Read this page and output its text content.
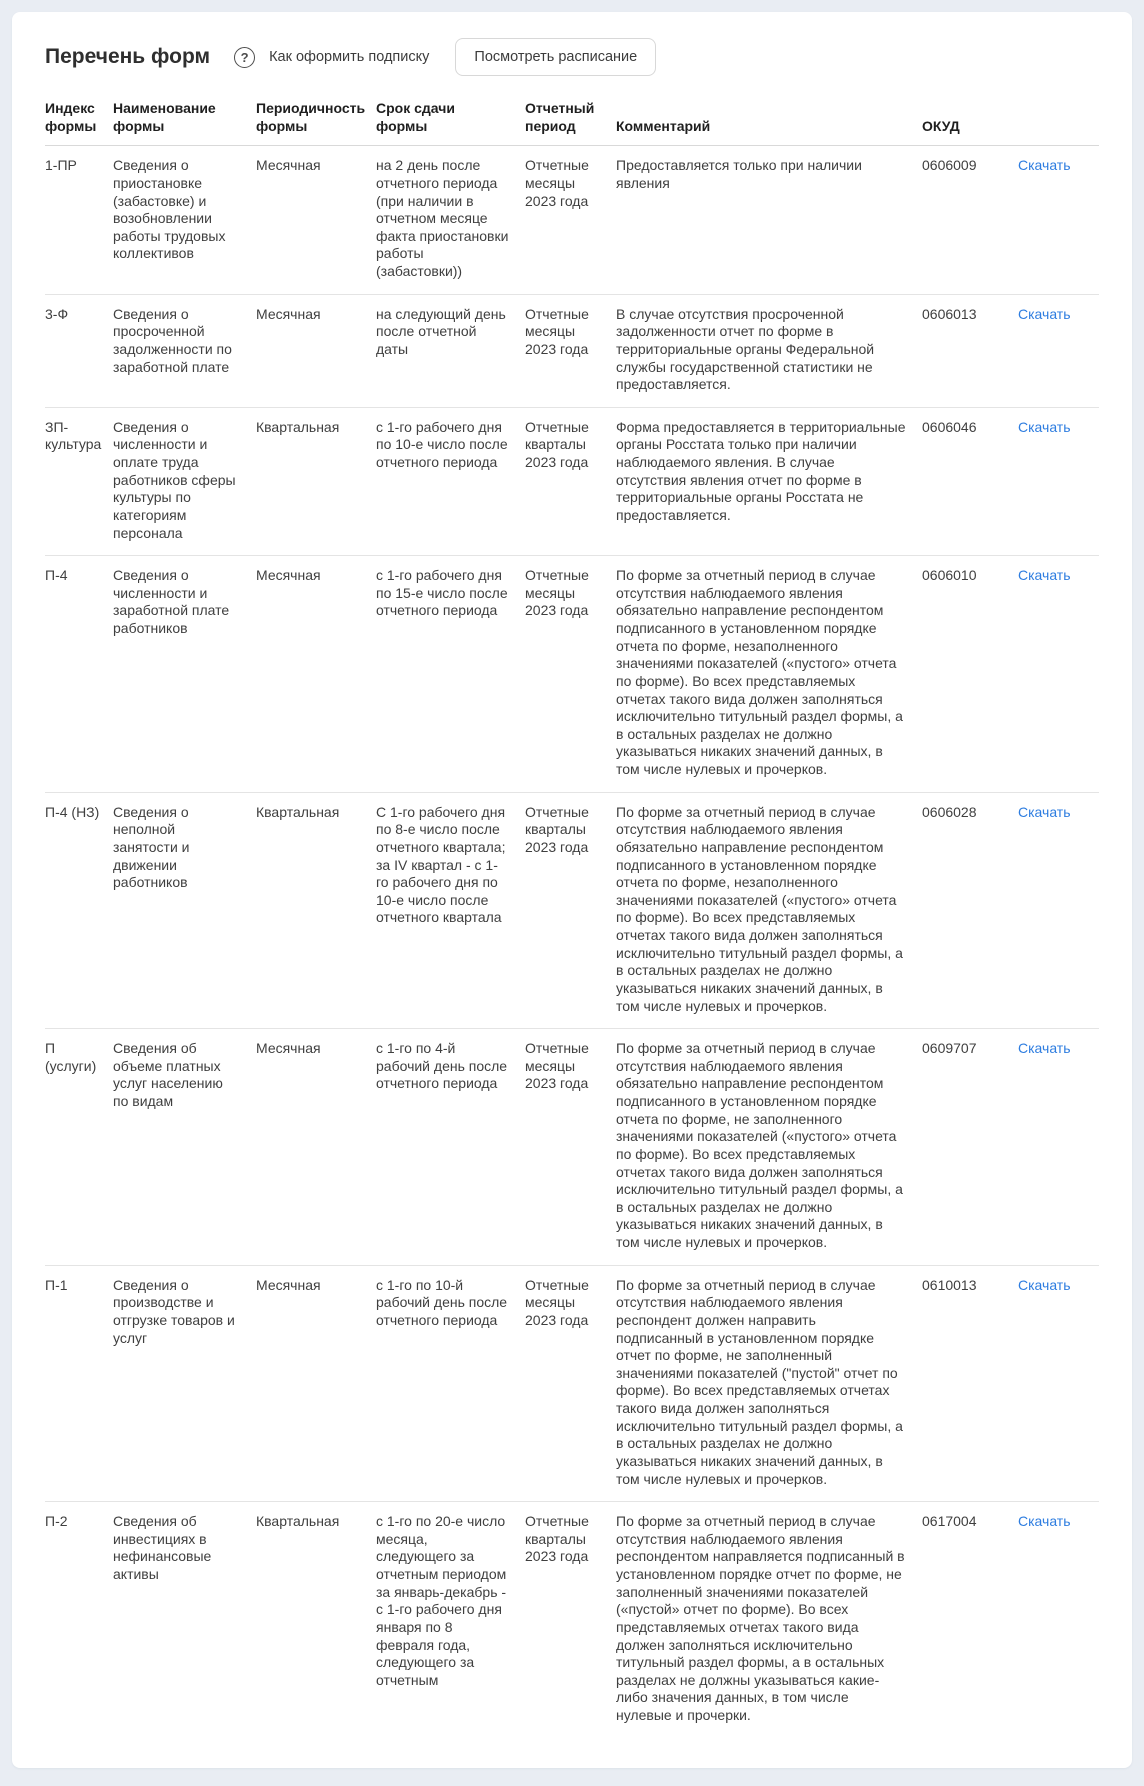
Перечень форм	?	Как оформить подписку	Посмотреть расписание
Индекс формы	Наименование формы	Периодичность формы	Срок сдачи формы	Отчетный период	Комментарий	ОКУД	
1-ПР	Сведения о приостановке (забастовке) и возобновлении работы трудовых коллективов	Месячная	на 2 день после отчетного периода (при наличии в отчетном месяце факта приостановки работы (забастовки))	Отчетные месяцы 2023 года	Предоставляется только при наличии явления	0606009	Скачать
3-Ф	Сведения о просроченной задолженности по заработной плате	Месячная	на следующий день после отчетной даты	Отчетные месяцы 2023 года	В случае отсутствия просроченной задолженности отчет по форме в территориальные органы Федеральной службы государственной статистики не предоставляется.	0606013	Скачать
ЗП-культура	Сведения о численности и оплате труда работников сферы культуры по категориям персонала	Квартальная	с 1-го рабочего дня по 10-е число после отчетного периода	Отчетные кварталы 2023 года	Форма предоставляется в территориальные органы Росстата только при наличии наблюдаемого явления. В случае отсутствия явления отчет по форме в территориальные органы Росстата не предоставляется.	0606046	Скачать
П-4	Сведения о численности и заработной плате работников	Месячная	с 1-го рабочего дня по 15-е число после отчетного периода	Отчетные месяцы 2023 года	По форме за отчетный период в случае отсутствия наблюдаемого явления обязательно направление респондентом подписанного в установленном порядке отчета по форме, незаполненного значениями показателей («пустого» отчета по форме). Во всех представляемых отчетах такого вида должен заполняться исключительно титульный раздел формы, а в остальных разделах не должно указываться никаких значений данных, в том числе нулевых и прочерков.	0606010	Скачать
П-4 (НЗ)	Сведения о неполной занятости и движении работников	Квартальная	С 1-го рабочего дня по 8-е число после отчетного квартала; за IV квартал - с 1-го рабочего дня по 10-е число после отчетного квартала	Отчетные кварталы 2023 года	По форме за отчетный период в случае отсутствия наблюдаемого явления обязательно направление респондентом подписанного в установленном порядке отчета по форме, незаполненного значениями показателей («пустого» отчета по форме). Во всех представляемых отчетах такого вида должен заполняться исключительно титульный раздел формы, а в остальных разделах не должно указываться никаких значений данных, в том числе нулевых и прочерков.	0606028	Скачать
П (услуги)	Сведения об объеме платных услуг населению по видам	Месячная	с 1-го по 4-й рабочий день после отчетного периода	Отчетные месяцы 2023 года	По форме за отчетный период в случае отсутствия наблюдаемого явления обязательно направление респондентом подписанного в установленном порядке отчета по форме, не заполненного значениями показателей («пустого» отчета по форме). Во всех представляемых отчетах такого вида должен заполняться исключительно титульный раздел формы, а в остальных разделах не должно указываться никаких значений данных, в том числе нулевых и прочерков.	0609707	Скачать
П-1	Сведения о производстве и отгрузке товаров и услуг	Месячная	с 1-го по 10-й рабочий день после отчетного периода	Отчетные месяцы 2023 года	По форме за отчетный период в случае отсутствия наблюдаемого явления респондент должен направить подписанный в установленном порядке отчет по форме, не заполненный значениями показателей ("пустой" отчет по форме). Во всех представляемых отчетах такого вида должен заполняться исключительно титульный раздел формы, а в остальных разделах не должно указываться никаких значений данных, в том числе нулевых и прочерков.	0610013	Скачать
П-2	Сведения об инвестициях в нефинансовые активы	Квартальная	с 1-го по 20-е число месяца, следующего за отчетным периодом за январь-декабрь - с 1-го рабочего дня января по 8 февраля года, следующего за отчетным	Отчетные кварталы 2023 года	По форме за отчетный период в случае отсутствия наблюдаемого явления респондентом направляется подписанный в установленном порядке отчет по форме, не заполненный значениями показателей («пустой» отчет по форме). Во всех представляемых отчетах такого вида должен заполняться исключительно титульный раздел формы, а в остальных разделах не должны указываться какие-либо значения данных, в том числе нулевые и прочерки.	0617004	Скачать
